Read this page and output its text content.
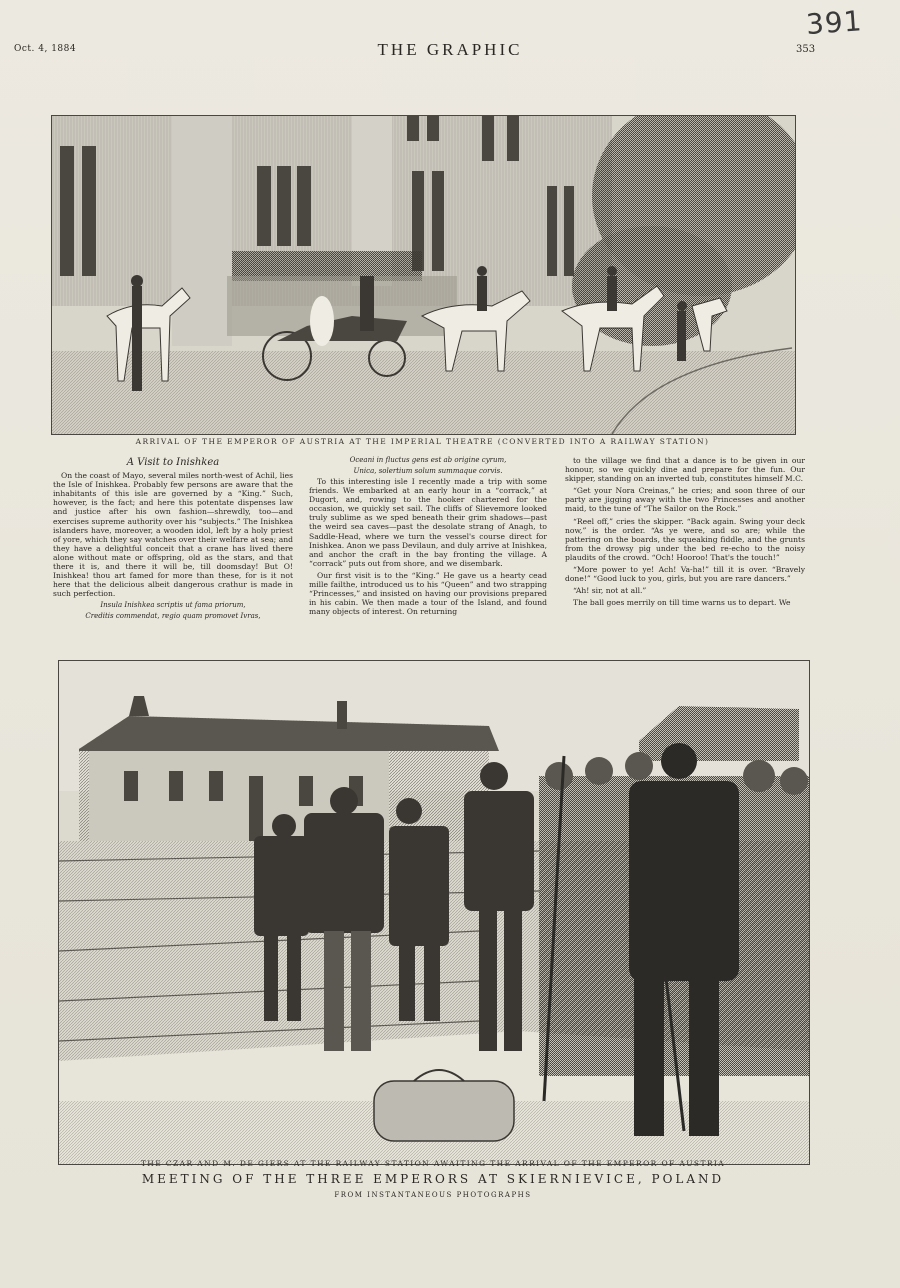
391
Oct. 4, 1884	THE GRAPHIC	353
ARRIVAL OF THE EMPEROR OF AUSTRIA AT THE IMPERIAL THEATRE (CONVERTED INTO A RAILWAY STATION)
A Visit to Inishkea

On the coast of Mayo, several miles north-west of Achil, lies the Isle of Inishkea. Probably few persons are aware that the inhabitants of this isle are governed by a “King.” Such, however, is the fact; and here this potentate dispenses law and justice after his own fashion—shrewdly, too—and exercises supreme authority over his “subjects.” The Inishkea islanders have, moreover, a wooden idol, left by a holy priest of yore, which they say watches over their welfare at sea; and they have a delightful conceit that a crane has lived there alone without mate or offspring, old as the stars, and that there it is, and there it will be, till doomsday! But O! Inishkea! thou art famed for more than these, for is it not here that the delicious albeit dangerous crathur is made in such perfection.

Insula Inishkea scriptis ut fama priorum,
Creditis commendat, regio quam promovet Ivras,
Oceani in fluctus gens est ab origine cyrum,
Unica, solertium solum summaque corvis.

To this interesting isle I recently made a trip with some friends. We embarked at an early hour in a “corrack,” at Dugort, and, rowing to the hooker chartered for the occasion, we quickly set sail. The cliffs of Slievemore looked truly sublime as we sped beneath their grim shadows—past the weird sea caves—past the desolate strang of Anagh, to Saddle-Head, where we turn the vessel's course direct for Inishkea. Anon we pass Devilaun, and duly arrive at Inishkea, and anchor the craft in the bay fronting the village. A “corrack” puts out from shore, and we disembark.

Our first visit is to the “King.” He gave us a hearty cead mille failthe, introduced us to his “Queen” and two strapping “Princesses,” and insisted on having our provisions prepared in his cabin. We then made a tour of the Island, and found many objects of interest. On returning

to the village we find that a dance is to be given in our honour, so we quickly dine and prepare for the fun. Our skipper, standing on an inverted tub, constitutes himself M.C.

“Get your Nora Creinas,” he cries; and soon three of our party are jigging away with the two Princesses and another maid, to the tune of “The Sailor on the Rock.”

“Reel off,” cries the skipper. “Back again. Swing your deck now,” is the order. “As ye were, and so are; while the pattering on the boards, the squeaking fiddle, and the grunts from the drowsy pig under the bed re-echo to the noisy plaudits of the crowd. “Och! Hooroo! That's the touch!”

“More power to ye! Ach! Va-ha!” till it is over. “Bravely done!” “Good luck to you, girls, but you are rare dancers.”

“Ah! sir, not at all.”

The ball goes merrily on till time warns us to depart. We

THE CZAR AND M. DE GIERS AT THE RAILWAY STATION AWAITING THE ARRIVAL OF THE EMPEROR OF AUSTRIA
MEETING OF THE THREE EMPERORS AT SKIERNIEVICE, POLAND
FROM INSTANTANEOUS PHOTOGRAPHS
